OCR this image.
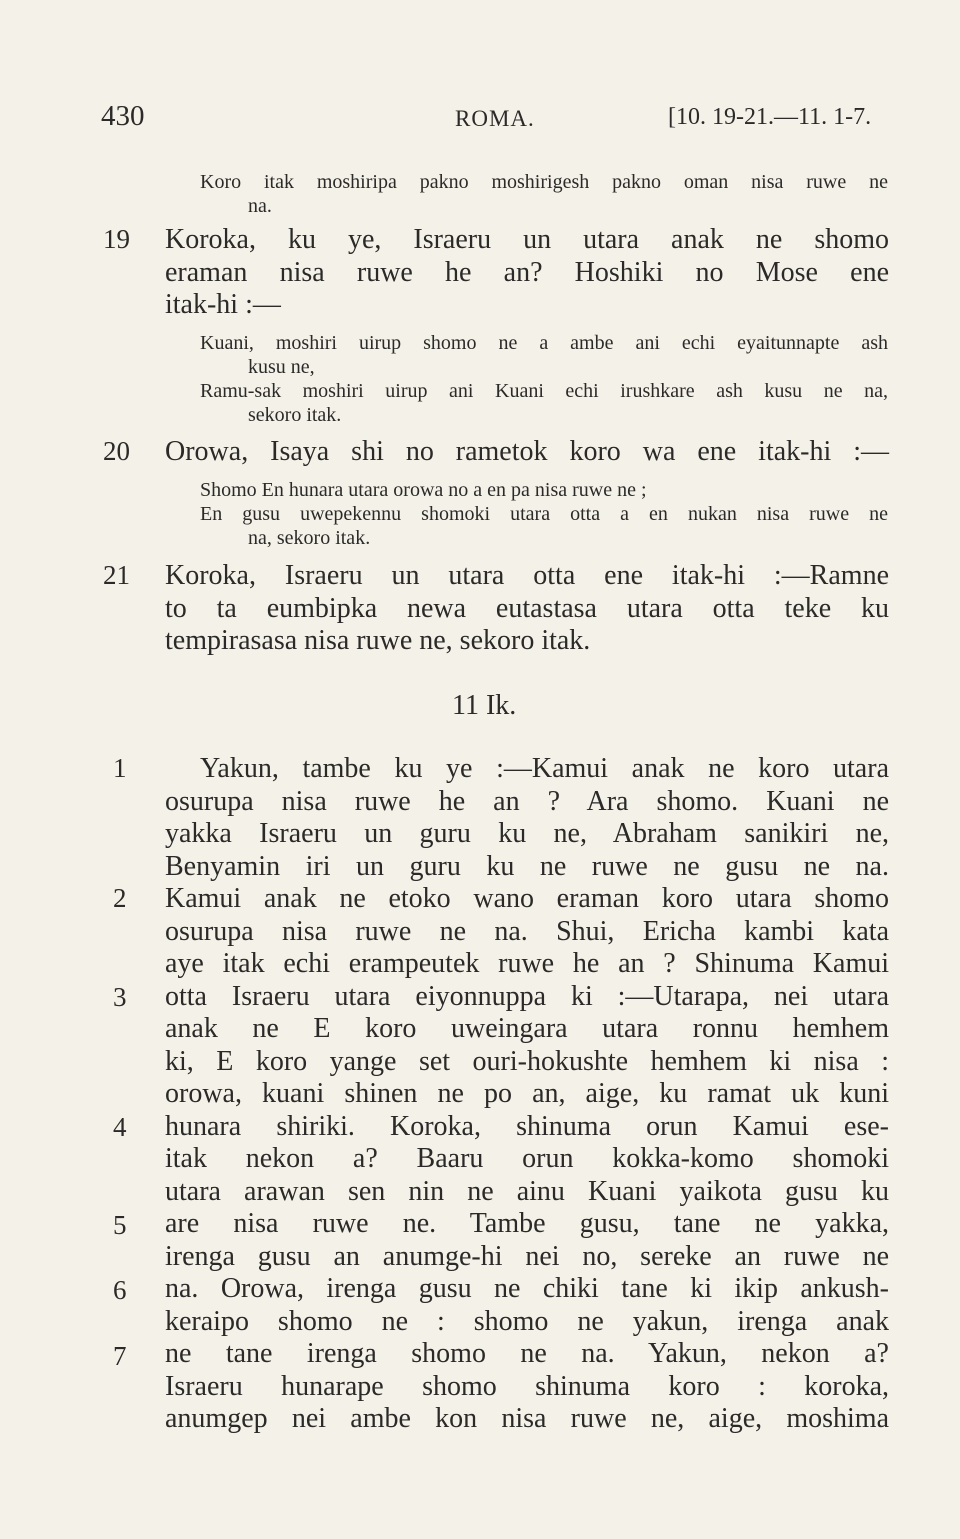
430	ROMA.	[10. 19-21.—11. 1-7.
Koro itak moshiripa pakno moshirigesh pakno oman nisa ruwe ne
na.
19 Koroka, ku ye, Israeru un utara anak ne shomo
eraman nisa ruwe he an? Hoshiki no Mose ene
itak-hi :—
Kuani, moshiri uirup shomo ne a ambe ani echi eyaitunnapte ash
kusu ne,
Ramu-sak moshiri uirup ani Kuani echi irushkare ash kusu ne na,
sekoro itak.
20 Orowa, Isaya shi no rametok koro wa ene itak-hi :—
Shomo En hunara utara orowa no a en pa nisa ruwe ne ;
En gusu uwepekennu shomoki utara otta a en nukan nisa ruwe ne
na, sekoro itak.
21 Koroka, Israeru un utara otta ene itak-hi :—Ramne
to ta eumbipka newa eutastasa utara otta teke ku
tempirasasa nisa ruwe ne, sekoro itak.
11 Ik.
1
2
3
4
5
6
7
Yakun, tambe ku ye :—Kamui anak ne koro utara
osurupa nisa ruwe he an ? Ara shomo. Kuani ne
yakka Israeru un guru ku ne, Abraham sanikiri ne,
Benyamin iri un guru ku ne ruwe ne gusu ne na.
Kamui anak ne etoko wano eraman koro utara shomo
osurupa nisa ruwe ne na. Shui, Ericha kambi kata
aye itak echi erampeutek ruwe he an ? Shinuma Kamui
otta Israeru utara eiyonnuppa ki :—Utarapa, nei utara
anak ne E koro uweingara utara ronnu hemhem
ki, E koro yange set ouri-hokushte hemhem ki nisa :
orowa, kuani shinen ne po an, aige, ku ramat uk kuni
hunara shiriki. Koroka, shinuma orun Kamui ese-
itak nekon a? Baaru orun kokka-komo shomoki
utara arawan sen nin ne ainu Kuani yaikota gusu ku
are nisa ruwe ne. Tambe gusu, tane ne yakka,
irenga gusu an anumge-hi nei no, sereke an ruwe ne
na. Orowa, irenga gusu ne chiki tane ki ikip ankush-
keraipo shomo ne : shomo ne yakun, irenga anak
ne tane irenga shomo ne na. Yakun, nekon a?
Israeru hunarape shomo shinuma koro : koroka,
anumgep nei ambe kon nisa ruwe ne, aige, moshima
